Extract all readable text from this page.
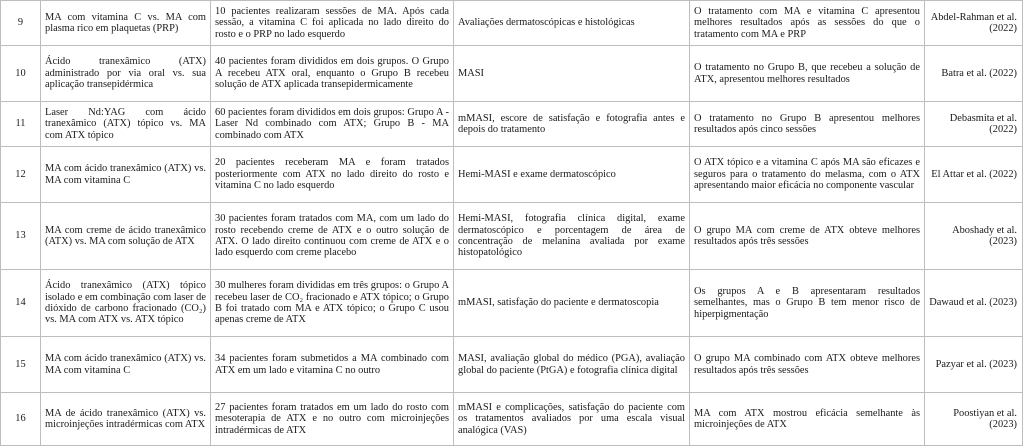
9	MA com vitamina C vs. MA com plasma rico em plaquetas (PRP)	10 pacientes realizaram sessões de MA. Após cada sessão, a vitamina C foi aplicada no lado direito do rosto e o PRP no lado esquerdo	Avaliações dermatoscópicas e histológicas	O tratamento com MA e vitamina C apresentou melhores resultados após as sessões do que o tratamento com MA e PRP	Abdel-Rahman et al. (2022)
10	Ácido tranexâmico (ATX) administrado por via oral vs. sua aplicação transepidérmica	40 pacientes foram divididos em dois grupos. O Grupo A recebeu ATX oral, enquanto o Grupo B recebeu solução de ATX aplicada transepidermicamente	MASI	O tratamento no Grupo B, que recebeu a solução de ATX, apresentou melhores resultados	Batra et al. (2022)
11	Laser Nd:YAG com ácido tranexâmico (ATX) tópico vs. MA com ATX tópico	60 pacientes foram divididos em dois grupos: Grupo A - Laser Nd combinado com ATX; Grupo B - MA combinado com ATX	mMASI, escore de satisfação e fotografia antes e depois do tratamento	O tratamento no Grupo B apresentou melhores resultados após cinco sessões	Debasmita et al. (2022)
12	MA com ácido tranexâmico (ATX) vs. MA com vitamina C	20 pacientes receberam MA e foram tratados posteriormente com ATX no lado direito do rosto e vitamina C no lado esquerdo	Hemi-MASI e exame dermatoscópico	O ATX tópico e a vitamina C após MA são eficazes e seguros para o tratamento do melasma, com o ATX apresentando maior eficácia no componente vascular	El Attar et al. (2022)
13	MA com creme de ácido tranexâmico (ATX) vs. MA com solução de ATX	30 pacientes foram tratados com MA, com um lado do rosto recebendo creme de ATX e o outro solução de ATX. O lado direito continuou com creme de ATX e o lado esquerdo com creme placebo	Hemi-MASI, fotografia clínica digital, exame dermatoscópico e porcentagem de área de concentração de melanina avaliada por exame histopatológico	O grupo MA com creme de ATX obteve melhores resultados após três sessões	Aboshady et al. (2023)
14	Ácido tranexâmico (ATX) tópico isolado e em combinação com laser de dióxido de carbono fracionado (CO₂) vs. MA com ATX vs. ATX tópico	30 mulheres foram divididas em três grupos: o Grupo A recebeu laser de CO₂ fracionado e ATX tópico; o Grupo B foi tratado com MA e ATX tópico; o Grupo C usou apenas creme de ATX	mMASI, satisfação do paciente e dermatoscopia	Os grupos A e B apresentaram resultados semelhantes, mas o Grupo B tem menor risco de hiperpigmentação	Dawaud et al. (2023)
15	MA com ácido tranexâmico (ATX) vs. MA com vitamina C	34 pacientes foram submetidos a MA combinado com ATX em um lado e vitamina C no outro	MASI, avaliação global do médico (PGA), avaliação global do paciente (PtGA) e fotografia clínica digital	O grupo MA combinado com ATX obteve melhores resultados após três sessões	Pazyar et al. (2023)
16	MA de ácido tranexâmico (ATX) vs. microinjeções intradérmicas com ATX	27 pacientes foram tratados em um lado do rosto com mesoterapia de ATX e no outro com microinjeções intradérmicas de ATX	mMASI e complicações, satisfação do paciente com os tratamentos avaliados por uma escala visual analógica (VAS)	MA com ATX mostrou eficácia semelhante às microinjeções de ATX	Poostiyan et al. (2023)
